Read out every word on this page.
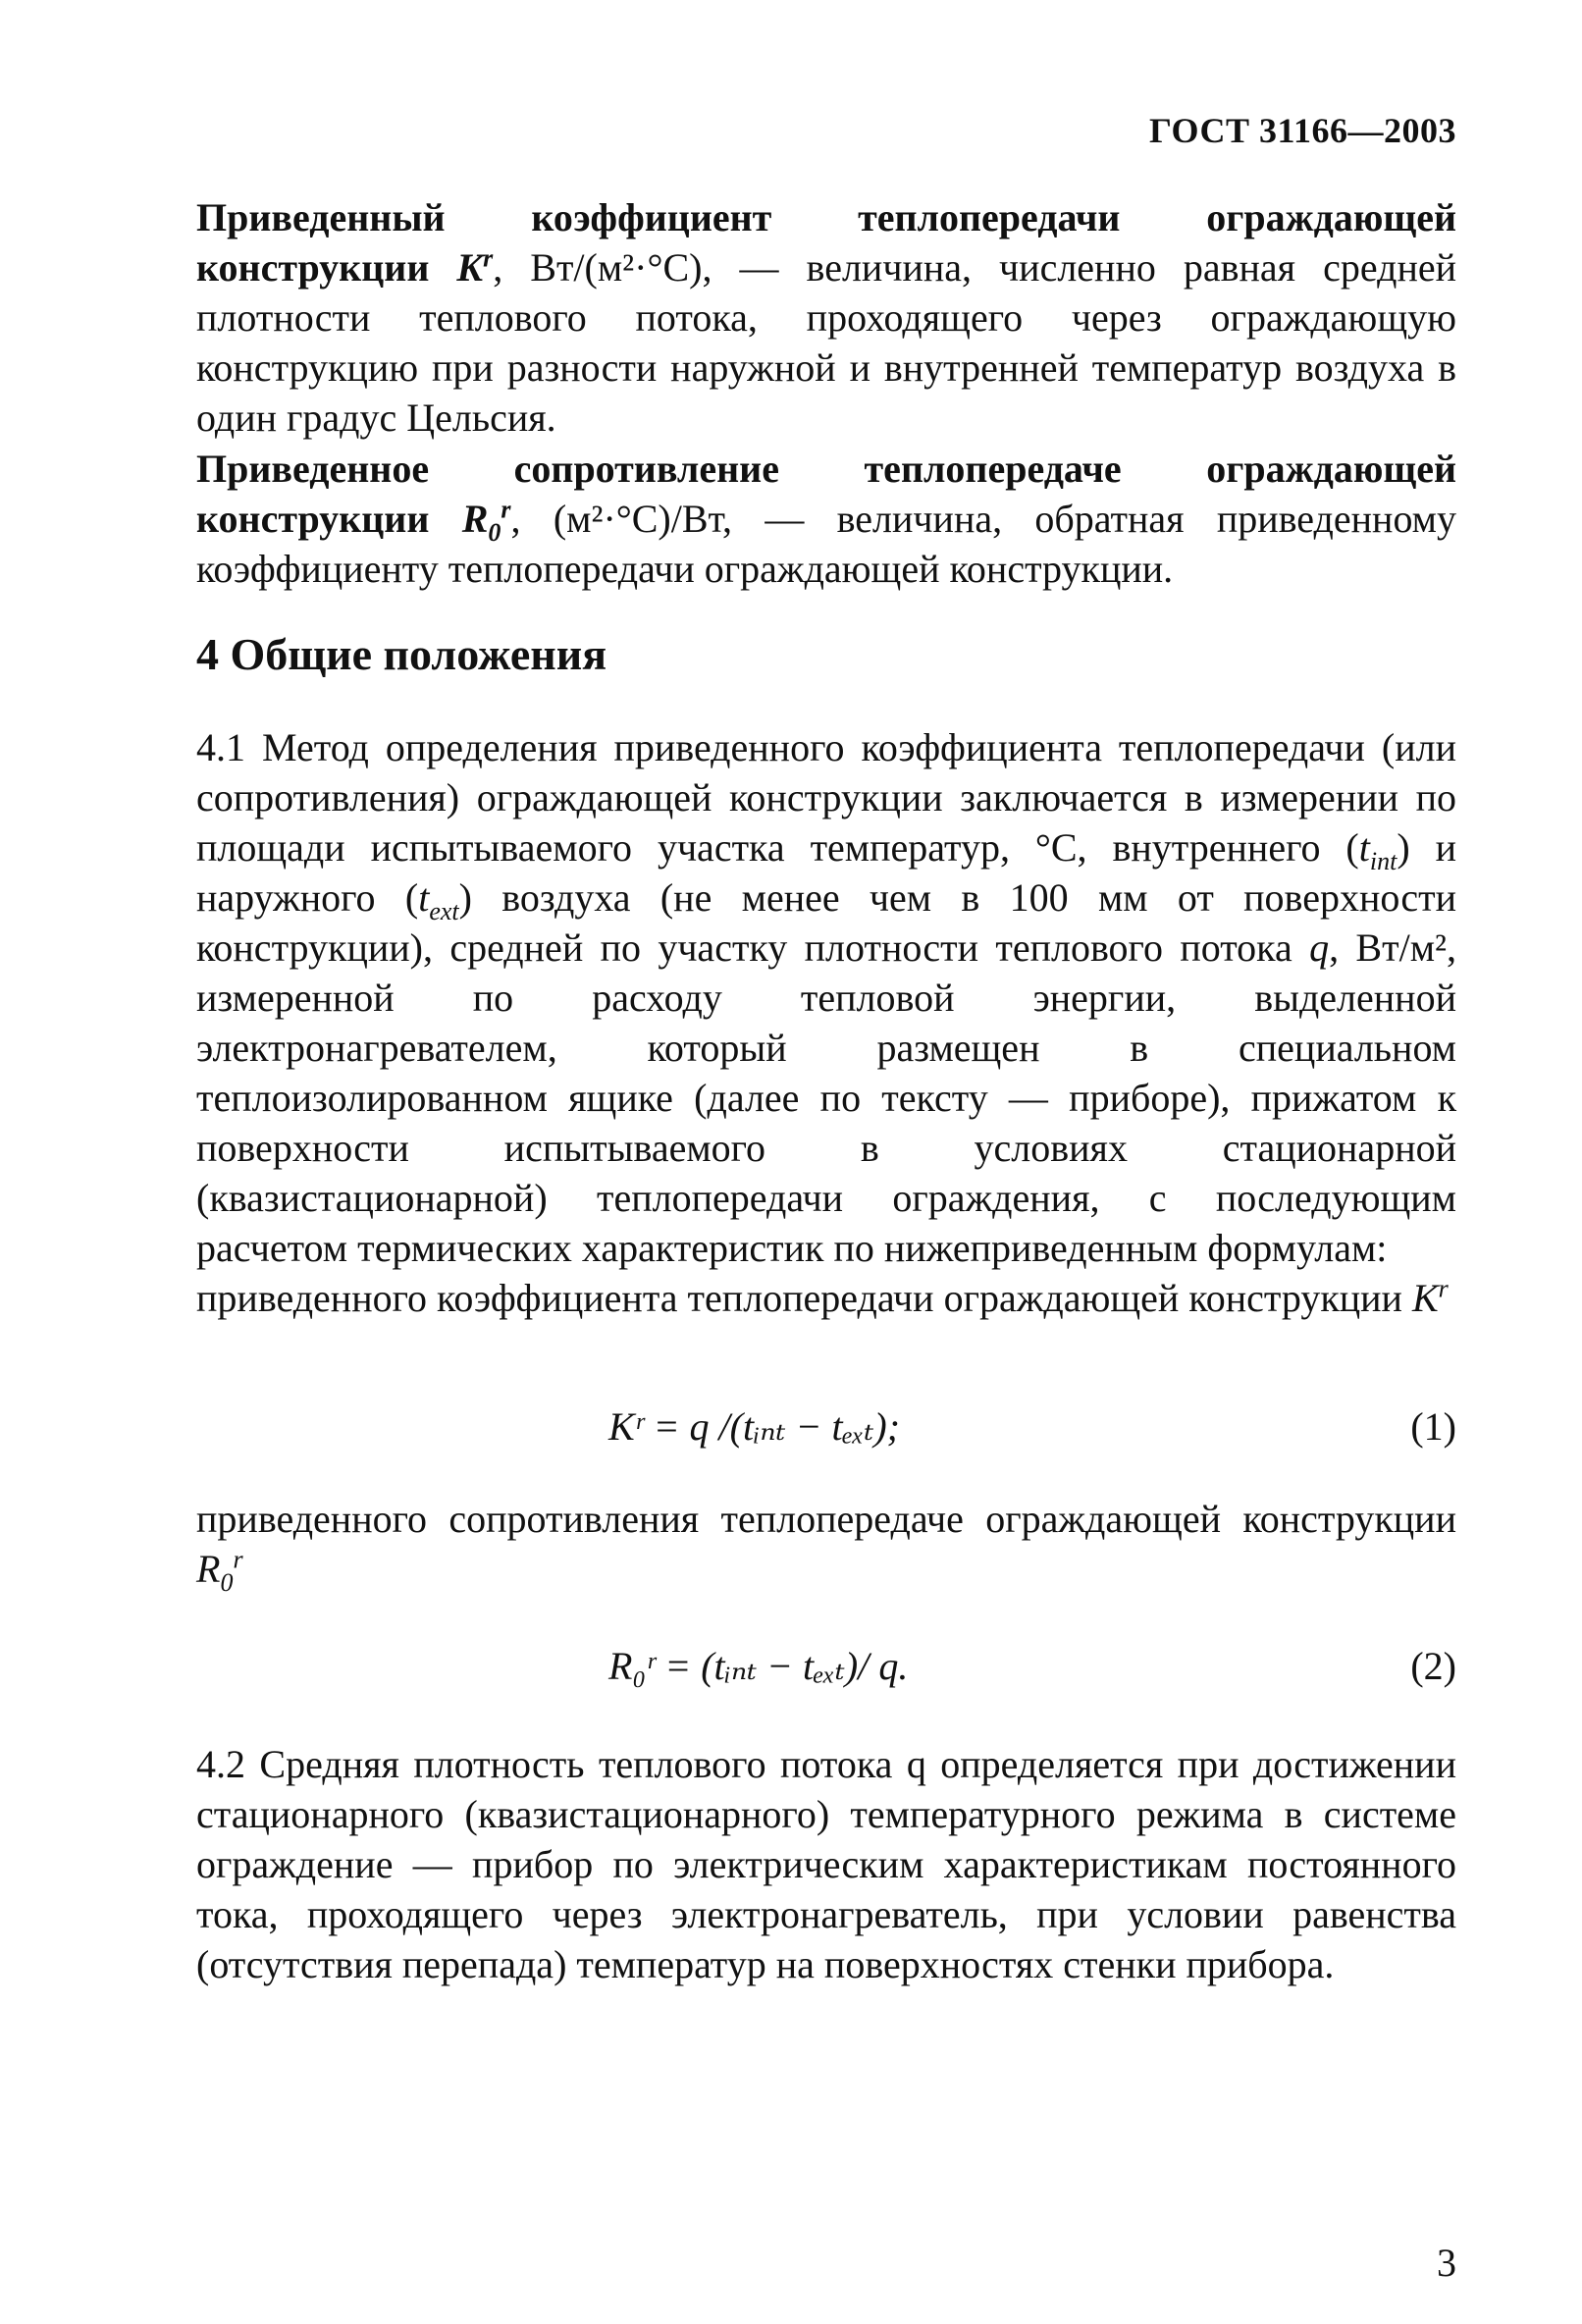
ГОСТ 31166—2003

Приведенный коэффициент теплопередачи ограждающей конструкции $K^r$, Вт/(м²·°С), — величина, численно равная средней плотности теплового потока, проходящего через ограждающую конструкцию при разности наружной и внутренней температур воздуха в один градус Цельсия.

Приведенное сопротивление теплопередаче ограждающей конструкции $R_0^r$, (м²·°С)/Вт, — величина, обратная приведенному коэффициенту теплопередачи ограждающей конструкции.

4 Общие положения

4.1 Метод определения приведенного коэффициента теплопередачи (или сопротивления) ограждающей конструкции заключается в измерении по площади испытываемого участка температур, °С, внутреннего $(t_{int})$ и наружного $(t_{ext})$ воздуха (не менее чем в 100 мм от поверхности конструкции), средней по участку плотности теплового потока q, Вт/м², измеренной по расходу тепловой энергии, выделенной электронагревателем, который размещен в специальном теплоизолированном ящике (далее по тексту — приборе), прижатом к поверхности испытываемого в условиях стационарной (квазистационарной) теплопередачи ограждения, с последующим расчетом термических характеристик по нижеприведенным формулам:

приведенного коэффициента теплопередачи ограждающей конструкции $K^r$

Kʳ = q /(tᵢₙₜ − tₑₓₜ);	(1)

приведенного сопротивления теплопередаче ограждающей конструкции $R_0^r$

R₀ʳ = (tᵢₙₜ − tₑₓₜ)/ q.	(2)

4.2 Средняя плотность теплового потока q определяется при достижении стационарного (квазистационарного) температурного режима в системе ограждение — прибор по электрическим характеристикам постоянного тока, проходящего через электронагреватель, при условии равенства (отсутствия перепада) температур на поверхностях стенки прибора.

3
